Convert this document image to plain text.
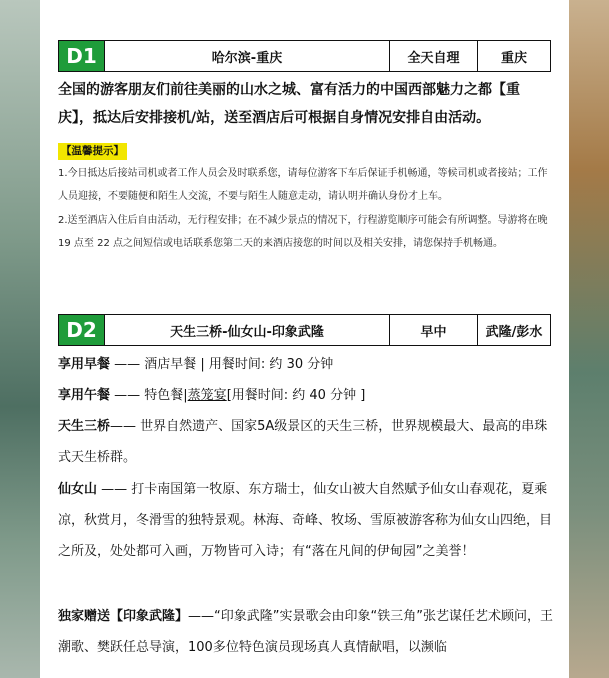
D1	哈尔滨-重庆	全天自理	重庆
全国的游客朋友们前往美丽的山水之城、富有活力的中国西部魅力之都【重庆】，抵达后安排接机/站，送至酒店后可根据自身情况安排自由活动。
【温馨提示】
1.今日抵达后接站司机或者工作人员会及时联系您，请每位游客下车后保证手机畅通，等候司机或者接站；工作人员迎接，不要随便和陌生人交流，不要与陌生人随意走动，请认明并确认身份才上车。
2.送至酒店入住后自由活动，无行程安排；在不减少景点的情况下，行程游览顺序可能会有所调整。导游将在晚 19 点至 22 点之间短信或电话联系您第二天的来酒店接您的时间以及相关安排，请您保持手机畅通。
D2	天生三桥-仙女山-印象武隆	早中	武隆/彭水
享用早餐 —— 酒店早餐 | 用餐时间: 约 30 分钟
享用午餐 —— 特色餐|蒸笼宴[用餐时间: 约 40 分钟 ]
天生三桥—— 世界自然遗产、国家5A级景区的天生三桥，世界规模最大、最高的串珠式天生桥群。
仙女山 —— 打卡南国第一牧原、东方瑞士，仙女山被大自然赋予仙女山春观花，夏乘凉，秋赏月，冬滑雪的独特景观。林海、奇峰、牧场、雪原被游客称为仙女山四绝，目之所及，处处都可入画，万物皆可入诗；有“落在凡间的伊甸园”之美誉！
独家赠送【印象武隆】——“印象武隆”实景歌会由印象“铁三角”张艺谋任艺术顾问，王潮歌、樊跃任总导演，100多位特色演员现场真人真情献唱，以濒临
